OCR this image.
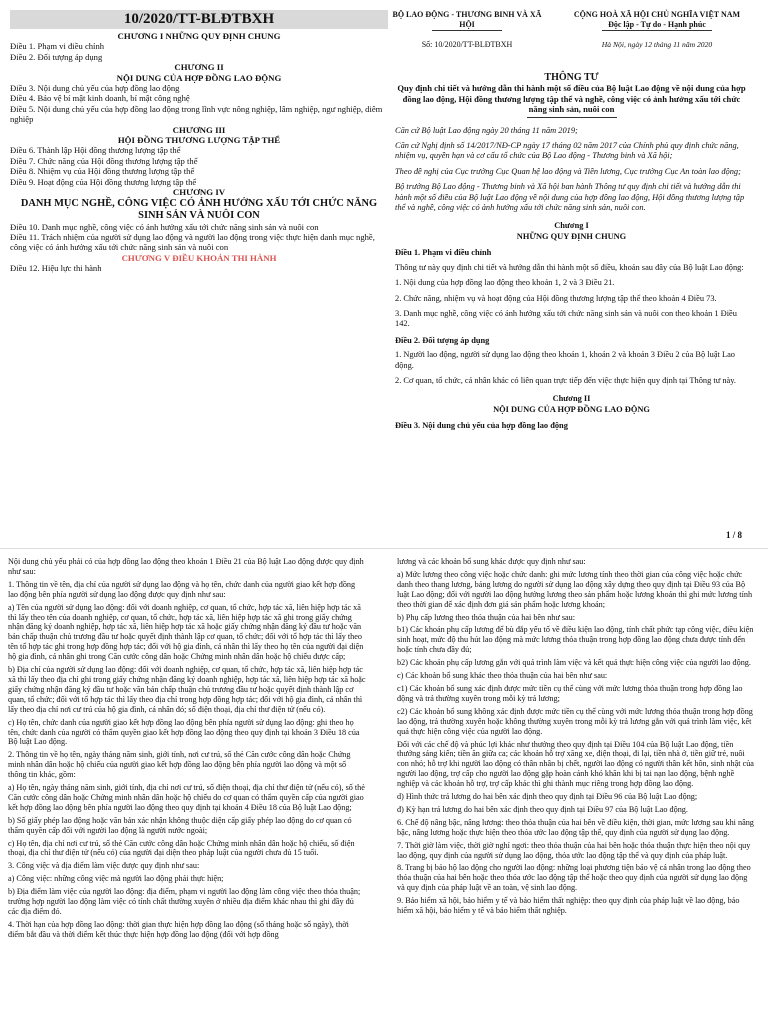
10/2020/TT-BLĐTBXH
CHƯƠNG I NHỮNG QUY ĐỊNH CHUNG
Điều 1. Phạm vi điều chỉnh
Điều 2. Đối tượng áp dụng
CHƯƠNG II
NỘI DUNG CỦA HỢP ĐỒNG LAO ĐỘNG
Điều 3. Nội dung chủ yếu của hợp đồng lao động
Điều 4. Bảo vệ bí mật kinh doanh, bí mật công nghệ
Điều 5. Nội dung chủ yếu của hợp đồng lao động trong lĩnh vực nông nghiệp, lâm nghiệp, ngư nghiệp, diêm nghiệp
CHƯƠNG III
HỘI ĐỒNG THƯƠNG LƯỢNG TẬP THỂ
Điều 6. Thành lập Hội đồng thương lượng tập thể
Điều 7. Chức năng của Hội đồng thương lượng tập thể
Điều 8. Nhiệm vụ của Hội đồng thương lượng tập thể
Điều 9. Hoạt động của Hội đồng thương lượng tập thể
CHƯƠNG IV
DANH MỤC NGHỀ, CÔNG VIỆC CÓ ẢNH HƯỞNG XẤU TỚI CHỨC NĂNG SINH SẢN VÀ NUÔI CON
Điều 10. Danh mục nghề, công việc có ảnh hưởng xấu tới chức năng sinh sản và nuôi con
Điều 11. Trách nhiệm của người sử dụng lao động và người lao động trong việc thực hiện danh mục nghề, công việc có ảnh hưởng xấu tới chức năng sinh sản và nuôi con
CHƯƠNG V ĐIỀU KHOẢN THI HÀNH
Điều 12. Hiệu lực thi hành
BỘ LAO ĐỘNG - THƯƠNG BINH VÀ XÃ HỘI
Số: 10/2020/TT-BLĐTBXH
CỘNG HOÀ XÃ HỘI CHỦ NGHĨA VIỆT NAM
Độc lập - Tự do - Hạnh phúc
Hà Nội, ngày 12 tháng 11 năm 2020
THÔNG TƯ
Quy định chi tiết và hướng dẫn thi hành một số điều của Bộ luật Lao động về nội dung của hợp đồng lao động, Hội đồng thương lượng tập thể và nghề, công việc có ảnh hưởng xấu tới chức năng sinh sản, nuôi con

Căn cứ Bộ luật Lao động ngày 20 tháng 11 năm 2019;

Căn cứ Nghị định số 14/2017/NĐ-CP ngày 17 tháng 02 năm 2017 của Chính phủ quy định chức năng, nhiệm vụ, quyền hạn và cơ cấu tổ chức của Bộ Lao động - Thương binh và Xã hội;

Theo đề nghị của Cục trưởng Cục Quan hệ lao động và Tiền lương, Cục trưởng Cục An toàn lao động;

Bộ trưởng Bộ Lao động - Thương binh và Xã hội ban hành Thông tư quy định chi tiết và hướng dẫn thi hành một số điều của Bộ luật Lao động về nội dung của hợp đồng lao động, Hội đồng thương lượng tập thể và nghề, công việc có ảnh hưởng xấu tới chức năng sinh sản, nuôi con.

Chương I
NHỮNG QUY ĐỊNH CHUNG
Điều 1. Phạm vi điều chỉnh

Thông tư này quy định chi tiết và hướng dẫn thi hành một số điều, khoản sau đây của Bộ luật Lao động:

1. Nội dung của hợp đồng lao động theo khoản 1, 2 và 3 Điều 21.

2. Chức năng, nhiệm vụ và hoạt động của Hội đồng thương lượng tập thể theo khoản 4 Điều 73.

3. Danh mục nghề, công việc có ảnh hưởng xấu tới chức năng sinh sản và nuôi con theo khoản 1 Điều 142.

Điều 2. Đối tượng áp dụng

1. Người lao động, người sử dụng lao động theo khoản 1, khoản 2 và khoản 3 Điều 2 của Bộ luật Lao động.

2. Cơ quan, tổ chức, cá nhân khác có liên quan trực tiếp đến việc thực hiện quy định tại Thông tư này.

Chương II
NỘI DUNG CỦA HỢP ĐỒNG LAO ĐỘNG
Điều 3. Nội dung chủ yếu của hợp đồng lao động
1 / 8

Nội dung chủ yếu phải có của hợp đồng lao động theo khoản 1 Điều 21 của Bộ luật Lao động được quy định như sau:

1. Thông tin về tên, địa chỉ của người sử dụng lao động và họ tên, chức danh của người giao kết hợp đồng lao động bên phía người sử dụng lao động được quy định như sau:

a) Tên của người sử dụng lao động: đối với doanh nghiệp, cơ quan, tổ chức, hợp tác xã, liên hiệp hợp tác xã thì lấy theo tên của doanh nghiệp, cơ quan, tổ chức, hợp tác xã, liên hiệp hợp tác xã ghi trong giấy chứng nhận đăng ký doanh nghiệp, hợp tác xã, liên hiệp hợp tác xã hoặc giấy chứng nhận đăng ký đầu tư hoặc văn bản chấp thuận chủ trương đầu tư hoặc quyết định thành lập cơ quan, tổ chức; đối với tổ hợp tác thì lấy theo tên tổ hợp tác ghi trong hợp đồng hợp tác; đối với hộ gia đình, cá nhân thì lấy theo họ tên của người đại diện hộ gia đình, cá nhân ghi trong Căn cước công dân hoặc Chứng minh nhân dân hoặc hộ chiếu được cấp;

b) Địa chỉ của người sử dụng lao động: đối với doanh nghiệp, cơ quan, tổ chức, hợp tác xã, liên hiệp hợp tác xã thì lấy theo địa chỉ ghi trong giấy chứng nhận đăng ký doanh nghiệp, hợp tác xã, liên hiệp hợp tác xã hoặc giấy chứng nhận đăng ký đầu tư hoặc văn bản chấp thuận chủ trương đầu tư hoặc quyết định thành lập cơ quan, tổ chức; đối với tổ hợp tác thì lấy theo địa chỉ trong hợp đồng hợp tác; đối với hộ gia đình, cá nhân thì lấy theo địa chỉ nơi cư trú của hộ gia đình, cá nhân đó; số điện thoại, địa chỉ thư điện tử (nếu có).

c) Họ tên, chức danh của người giao kết hợp đồng lao động bên phía người sử dụng lao động: ghi theo họ tên, chức danh của người có thẩm quyền giao kết hợp đồng lao động theo quy định tại khoản 3 Điều 18 của Bộ luật Lao động.

2. Thông tin về họ tên, ngày tháng năm sinh, giới tính, nơi cư trú, số thẻ Căn cước công dân hoặc Chứng minh nhân dân hoặc hộ chiếu của người giao kết hợp đồng lao động bên phía người lao động và một số thông tin khác, gồm:

a) Họ tên, ngày tháng năm sinh, giới tính, địa chỉ nơi cư trú, số điện thoại, địa chỉ thư điện tử (nếu có), số thẻ Căn cước công dân hoặc Chứng minh nhân dân hoặc hộ chiếu do cơ quan có thẩm quyền cấp của người giao kết hợp đồng lao động bên phía người lao động theo quy định tại khoản 4 Điều 18 của Bộ luật Lao động;

b) Số giấy phép lao động hoặc văn bản xác nhận không thuộc diện cấp giấy phép lao động do cơ quan có thẩm quyền cấp đối với người lao động là người nước ngoài;

c) Họ tên, địa chỉ nơi cư trú, số thẻ Căn cước công dân hoặc Chứng minh nhân dân hoặc hộ chiếu, số điện thoại, địa chỉ thư điện tử (nếu có) của người đại diện theo pháp luật của người chưa đủ 15 tuổi.

3. Công việc và địa điểm làm việc được quy định như sau:

a) Công việc: những công việc mà người lao động phải thực hiện;

b) Địa điểm làm việc của người lao động: địa điểm, phạm vi người lao động làm công việc theo thỏa thuận; trường hợp người lao động làm việc có tính chất thường xuyên ở nhiều địa điểm khác nhau thì ghi đầy đủ các địa điểm đó.

4. Thời hạn của hợp đồng lao động: thời gian thực hiện hợp đồng lao động (số tháng hoặc số ngày), thời điểm bắt đầu và thời điểm kết thúc thực hiện hợp đồng lao động (đối với hợp đồng

lương và các khoản bổ sung khác được quy định như sau:

a) Mức lương theo công việc hoặc chức danh: ghi mức lương tính theo thời gian của công việc hoặc chức danh theo thang lương, bảng lương do người sử dụng lao động xây dựng theo quy định tại Điều 93 của Bộ luật Lao động; đối với người lao động hưởng lương theo sản phẩm hoặc lương khoán thì ghi mức lương tính theo thời gian để xác định đơn giá sản phẩm hoặc lương khoán;

b) Phụ cấp lương theo thỏa thuận của hai bên như sau:

b1) Các khoản phụ cấp lương để bù đắp yếu tố về điều kiện lao động, tính chất phức tạp công việc, điều kiện sinh hoạt, mức độ thu hút lao động mà mức lương thỏa thuận trong hợp đồng lao động chưa được tính đến hoặc tính chưa đầy đủ;

b2) Các khoản phụ cấp lương gắn với quá trình làm việc và kết quả thực hiện công việc của người lao động.

c) Các khoản bổ sung khác theo thỏa thuận của hai bên như sau:

c1) Các khoản bổ sung xác định được mức tiền cụ thể cùng với mức lương thỏa thuận trong hợp đồng lao động và trả thường xuyên trong mỗi kỳ trả lương;

c2) Các khoản bổ sung không xác định được mức tiền cụ thể cùng với mức lương thỏa thuận trong hợp đồng lao động, trả thường xuyên hoặc không thường xuyên trong mỗi kỳ trả lương gắn với quá trình làm việc, kết quả thực hiện công việc của người lao động.

Đối với các chế độ và phúc lợi khác như thưởng theo quy định tại Điều 104 của Bộ luật Lao động, tiền thưởng sáng kiến; tiền ăn giữa ca; các khoản hỗ trợ xăng xe, điện thoại, đi lại, tiền nhà ở, tiền giữ trẻ, nuôi con nhỏ; hỗ trợ khi người lao động có thân nhân bị chết, người lao động có người thân kết hôn, sinh nhật của người lao động, trợ cấp cho người lao động gặp hoàn cảnh khó khăn khi bị tai nạn lao động, bệnh nghề nghiệp và các khoản hỗ trợ, trợ cấp khác thì ghi thành mục riêng trong hợp đồng lao động.

d) Hình thức trả lương do hai bên xác định theo quy định tại Điều 96 của Bộ luật Lao động;

đ) Kỳ hạn trả lương do hai bên xác định theo quy định tại Điều 97 của Bộ luật Lao động.

6. Chế độ nâng bậc, nâng lương: theo thỏa thuận của hai bên về điều kiện, thời gian, mức lương sau khi nâng bậc, nâng lương hoặc thực hiện theo thỏa ước lao động tập thể, quy định của người sử dụng lao động.

7. Thời giờ làm việc, thời giờ nghỉ ngơi: theo thỏa thuận của hai bên hoặc thỏa thuận thực hiện theo nội quy lao động, quy định của người sử dụng lao động, thỏa ước lao động tập thể và quy định của pháp luật.

8. Trang bị bảo hộ lao động cho người lao động: những loại phương tiện bảo vệ cá nhân trong lao động theo thỏa thuận của hai bên hoặc theo thỏa ước lao động tập thể hoặc theo quy định của người sử dụng lao động và quy định của pháp luật về an toàn, vệ sinh lao động.

9. Bảo hiểm xã hội, bảo hiểm y tế và bảo hiểm thất nghiệp: theo quy định của pháp luật về lao động, bảo hiểm xã hội, bảo hiểm y tế và bảo hiểm thất nghiệp.
